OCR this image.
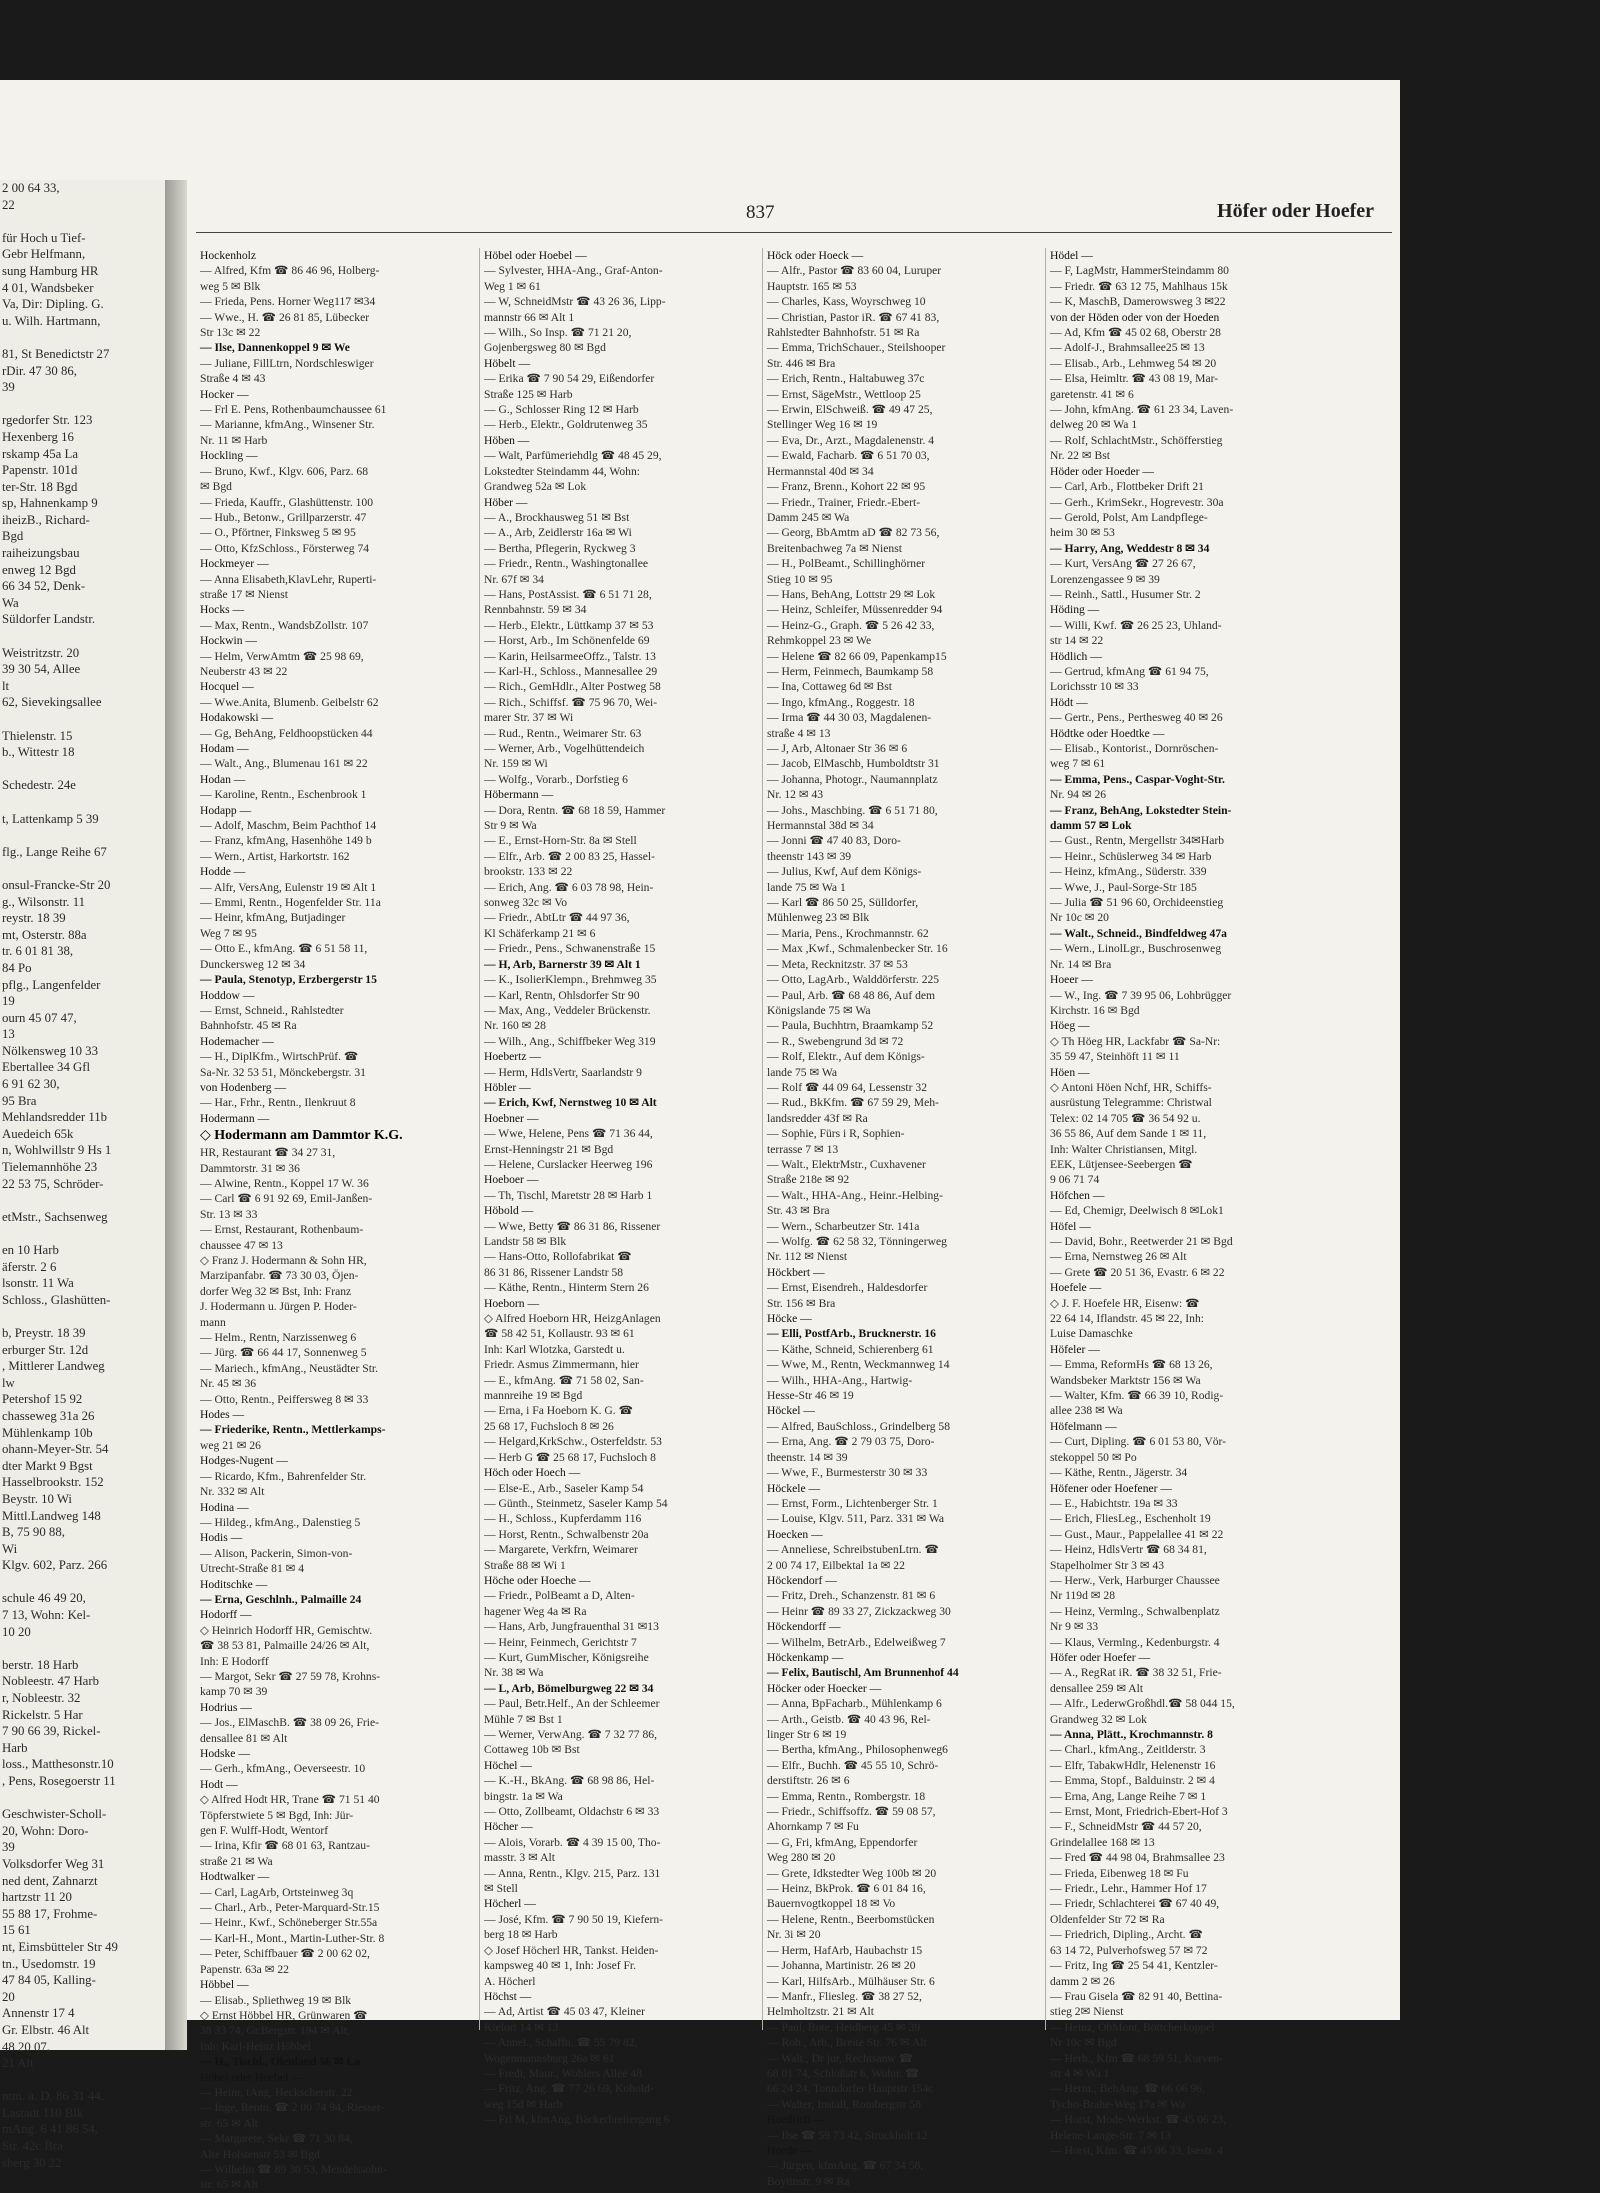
2 00 64 33,
22

für Hoch u Tief-
Gebr Helfmann,
sung Hamburg HR
4 01, Wandsbeker
Va, Dir: Dipling. G.
u. Wilh. Hartmann,

81, St Benedictstr 27
rDir. 47 30 86,
39

rgedorfer Str. 123
Hexenberg 16
rskamp 45a La
Papenstr. 101d
ter-Str. 18 Bgd
sp, Hahnenkamp 9
iheizB., Richard-
Bgd
raiheizungsbau
enweg 12 Bgd
66 34 52, Denk-
Wa
Süldorfer Landstr.

Weistritzstr. 20
39 30 54, Allee
lt
62, Sievekingsallee

Thielenstr. 15
b., Wittestr 18

Schedestr. 24e

t, Lattenkamp 5 39

flg., Lange Reihe 67

onsul-Francke-Str 20
g., Wilsonstr. 11
reystr. 18 39
mt, Osterstr. 88a
tr. 6 01 81 38,
84 Po
pflg., Langenfelder
19
ourn 45 07 47,
13
Nölkensweg 10 33
Ebertallee 34 Gfl
6 91 62 30,
95 Bra
Mehlandsredder 11b
Auedeich 65k
n, Wohlwillstr 9 Hs 1
Tielemannhöhe 23
22 53 75, Schröder-

etMstr., Sachsenweg

en 10 Harb
äferstr. 2 6
lsonstr. 11 Wa
Schloss., Glashütten-

b, Preystr. 18 39
erburger Str. 12d
, Mittlerer Landweg
lw
Petershof 15 92
chasseweg 31a 26
Mühlenkamp 10b
ohann-Meyer-Str. 54
dter Markt 9 Bgst
Hasselbrookstr. 152
Beystr. 10 Wi
Mittl.Landweg 148
B, 75 90 88,
Wi
Klgv. 602, Parz. 266

schule 46 49 20,
7 13, Wohn: Kel-
10 20

berstr. 18 Harb
Nobleestr. 47 Harb
r, Nobleestr. 32
Rickelstr. 5 Har
7 90 66 39, Rickel-
Harb
loss., Matthesonstr.10
, Pens, Rosegoerstr 11

Geschwister-Scholl-
20, Wohn: Doro-
39
Volksdorfer Weg 31
ned dent, Zahnarzt
hartzstr 11 20
55 88 17, Frohme-
15 61
nt, Eimsbütteler Str 49
tn., Usedomstr. 19
47 84 05, Kalling-
20
Annenstr 17 4
Gr. Elbstr. 46 Alt
48 20 07,
21 Alt

ntm. a. D. 86 31 44,
Lastadt 110 Blk
mAng. 6 41 86 54,
Str. 42c Bra
sberg 30 22
837	Höfer oder Hoefer
Hockenholz
— Alfred, Kfm ☎ 86 46 96, Holberg-
weg 5 ✉ Blk
— Frieda, Pens. Horner Weg117 ✉34
— Wwe., H. ☎ 26 81 85, Lübecker
Str 13c ✉ 22
— Ilse, Dannenkoppel 9 ✉ We
— Juliane, FillLtrn, Nordschleswiger
Straße 4 ✉ 43
Hocker —
— Frl E. Pens, Rothenbaumchaussee 61
— Marianne, kfmAng., Winsener Str.
Nr. 11 ✉ Harb
Hockling —
— Bruno, Kwf., Klgv. 606, Parz. 68
✉ Bgd
— Frieda, Kauffr., Glashüttenstr. 100
— Hub., Betonw., Grillparzerstr. 47
— O., Pförtner, Finksweg 5 ✉ 95
— Otto, KfzSchloss., Försterweg 74
Hockmeyer —
— Anna Elisabeth,KlavLehr, Ruperti-
straße 17 ✉ Nienst
Hocks —
— Max, Rentn., WandsbZollstr. 107
Hockwin —
— Helm, VerwAmtm ☎ 25 98 69,
Neuberstr 43 ✉ 22
Hocquel —
— Wwe.Anita, Blumenb. Geibelstr 62
Hodakowski —
— Gg, BehAng, Feldhoopstücken 44
Hodam —
— Walt., Ang., Blumenau 161 ✉ 22
Hodan —
— Karoline, Rentn., Eschenbrook 1
Hodapp —
— Adolf, Maschm, Beim Pachthof 14
— Franz, kfmAng, Hasenhöhe 149 b
— Wern., Artist, Harkortstr. 162
Hodde —
— Alfr, VersAng, Eulenstr 19 ✉ Alt 1
— Emmi, Rentn., Hogenfelder Str. 11a
— Heinr, kfmAng, Butjadinger
Weg 7 ✉ 95
— Otto E., kfmAng. ☎ 6 51 58 11,
Dunckersweg 12 ✉ 34
— Paula, Stenotyp, Erzbergerstr 15
Hoddow —
— Ernst, Schneid., Rahlstedter
Bahnhofstr. 45 ✉ Ra
Hodemacher —
— H., DiplKfm., WirtschPrüf. ☎
Sa-Nr. 32 53 51, Mönckebergstr. 31
von Hodenberg —
— Har., Frhr., Rentn., Ilenkruut 8
Hodermann —
◇ Hodermann am Dammtor K.G.
HR, Restaurant ☎ 34 27 31,
Dammtorstr. 31 ✉ 36
— Alwine, Rentn., Koppel 17 W. 36
— Carl ☎ 6 91 92 69, Emil-Janßen-
Str. 13 ✉ 33
— Ernst, Restaurant, Rothenbaum-
chaussee 47 ✉ 13
◇ Franz J. Hodermann & Sohn HR,
Marzipanfabr. ☎ 73 30 03, Öjen-
dorfer Weg 32 ✉ Bst, Inh: Franz
J. Hodermann u. Jürgen P. Hoder-
mann
— Helm., Rentn, Narzissenweg 6
— Jürg. ☎ 66 44 17, Sonnenweg 5
— Mariech., kfmAng., Neustädter Str.
Nr. 45 ✉ 36
— Otto, Rentn., Peiffersweg 8 ✉ 33
Hodes —
— Friederike, Rentn., Mettlerkamps-
weg 21 ✉ 26
Hodges-Nugent —
— Ricardo, Kfm., Bahrenfelder Str.
Nr. 332 ✉ Alt
Hodina —
— Hildeg., kfmAng., Dalenstieg 5
Hodis —
— Alison, Packerin, Simon-von-
Utrecht-Straße 81 ✉ 4
Hoditschke —
— Erna, Geschlnh., Palmaille 24
Hodorff —
◇ Heinrich Hodorff HR, Gemischtw.
☎ 38 53 81, Palmaille 24/26 ✉ Alt,
Inh: E Hodorff
— Margot, Sekr ☎ 27 59 78, Krohns-
kamp 70 ✉ 39
Hodrius —
— Jos., ElMaschB. ☎ 38 09 26, Frie-
densallee 81 ✉ Alt
Hodske —
— Gerh., kfmAng., Oeverseestr. 10
Hodt —
◇ Alfred Hodt HR, Trane ☎ 71 51 40
Töpferstwiete 5 ✉ Bgd, Inh: Jür-
gen F. Wulff-Hodt, Wentorf
— Irina, Kfir ☎ 68 01 63, Rantzau-
straße 21 ✉ Wa
Hodtwalker —
— Carl, LagArb, Ortsteinweg 3q
— Charl., Arb., Peter-Marquard-Str.15
— Heinr., Kwf., Schöneberger Str.55a
— Karl-H., Mont., Martin-Luther-Str. 8
— Peter, Schiffbauer ☎ 2 00 62 02,
Papenstr. 63a ✉ 22
Höbbel —
— Elisab., Spliethweg 19 ✉ Blk
◇ Ernst Höbbel HR, Grünwaren ☎
38 33 74, Gr.Bergstr. 194 ✉ Alt,
Inh: Karl-Heinz Höbbel
— H., Tischl., Olenland 56 ✉ La
Höbel oder Hoebel —
— Heinr, tAng, Heckscherstr. 22
— Inge, Rentn. ☎ 2 00 74 94, Riesser-
str. 65 ✉ Alt
— Margarete, Sekr ☎ 71 30 84,
Alte Holstenstr 53 ✉ Bgd
— Wilhelm ☎ 89 30 53, Mendelssohn-
str. 65 ✉ Alt
Höbel oder Hoebel —
— Sylvester, HHA-Ang., Graf-Anton-
Weg 1 ✉ 61
— W, SchneidMstr ☎ 43 26 36, Lipp-
mannstr 66 ✉ Alt 1
— Wilh., So Insp. ☎ 71 21 20,
Gojenbergsweg 80 ✉ Bgd
Höbelt —
— Erika ☎ 7 90 54 29, Eißendorfer
Straße 125 ✉ Harb
— G., Schlosser Ring 12 ✉ Harb
— Herb., Elektr., Goldrutenweg 35
Höben —
— Walt, Parfümeriehdlg ☎ 48 45 29,
Lokstedter Steindamm 44, Wohn:
Grandweg 52a ✉ Lok
Höber —
— A., Brockhausweg 51 ✉ Bst
— A., Arb, Zeidlerstr 16a ✉ Wi
— Bertha, Pflegerin, Ryckweg 3
— Friedr., Rentn., Washingtonallee
Nr. 67f ✉ 34
— Hans, PostAssist. ☎ 6 51 71 28,
Rennbahnstr. 59 ✉ 34
— Herb., Elektr., Lüttkamp 37 ✉ 53
— Horst, Arb., Im Schönenfelde 69
— Karin, HeilsarmeeOffz., Talstr. 13
— Karl-H., Schloss., Mannesallee 29
— Rich., GemHdlr., Alter Postweg 58
— Rich., Schiffsf. ☎ 75 96 70, Wei-
marer Str. 37 ✉ Wi
— Rud., Rentn., Weimarer Str. 63
— Werner, Arb., Vogelhüttendeich
Nr. 159 ✉ Wi
— Wolfg., Vorarb., Dorfstieg 6
Höbermann —
— Dora, Rentn. ☎ 68 18 59, Hammer
Str 9 ✉ Wa
— E., Ernst-Horn-Str. 8a ✉ Stell
— Elfr., Arb. ☎ 2 00 83 25, Hassel-
brookstr. 133 ✉ 22
— Erich, Ang. ☎ 6 03 78 98, Hein-
sonweg 32c ✉ Vo
— Friedr., AbtLtr ☎ 44 97 36,
Kl Schäferkamp 21 ✉ 6
— Friedr., Pens., Schwanenstraße 15
— H, Arb, Barnerstr 39 ✉ Alt 1
— K., IsolierKlempn., Brehmweg 35
— Karl, Rentn, Ohlsdorfer Str 90
— Max, Ang., Veddeler Brückenstr.
Nr. 160 ✉ 28
— Wilh., Ang., Schiffbeker Weg 319
Hoebertz —
— Herm, HdlsVertr, Saarlandstr 9
Höbler —
— Erich, Kwf, Nernstweg 10 ✉ Alt
Hoebner —
— Wwe, Helene, Pens ☎ 71 36 44,
Ernst-Henningstr 21 ✉ Bgd
— Helene, Curslacker Heerweg 196
Hoeboer —
— Th, Tischl, Maretstr 28 ✉ Harb 1
Höbold —
— Wwe, Betty ☎ 86 31 86, Rissener
Landstr 58 ✉ Blk
— Hans-Otto, Rollofabrikat ☎
86 31 86, Rissener Landstr 58
— Käthe, Rentn., Hinterm Stern 26
Hoeborn —
◇ Alfred Hoeborn HR, HeizgAnlagen
☎ 58 42 51, Kollaustr. 93 ✉ 61
Inh: Karl Wlotzka, Garstedt u.
Friedr. Asmus Zimmermann, hier
— E., kfmAng. ☎ 71 58 02, San-
mannreihe 19 ✉ Bgd
— Erna, i Fa Hoeborn K. G. ☎
25 68 17, Fuchsloch 8 ✉ 26
— Helgard,KrkSchw., Osterfeldstr. 53
— Herb G ☎ 25 68 17, Fuchsloch 8
Höch oder Hoech —
— Else-E., Arb., Saseler Kamp 54
— Günth., Steinmetz, Saseler Kamp 54
— H., Schloss., Kupferdamm 116
— Horst, Rentn., Schwalbenstr 20a
— Margarete, Verkfrn, Weimarer
Straße 88 ✉ Wi 1
Höche oder Hoeche —
— Friedr., PolBeamt a D, Alten-
hagener Weg 4a ✉ Ra
— Hans, Arb, Jungfrauenthal 31 ✉13
— Heinr, Feinmech, Gerichtstr 7
— Kurt, GumMischer, Königsreihe
Nr. 38 ✉ Wa
— L, Arb, Bömelburgweg 22 ✉ 34
— Paul, Betr.Helf., An der Schleemer
Mühle 7 ✉ Bst 1
— Werner, VerwAng. ☎ 7 32 77 86,
Cottaweg 10b ✉ Bst
Höchel —
— K.-H., BkAng. ☎ 68 98 86, Hel-
bingstr. 1a ✉ Wa
— Otto, Zollbeamt, Oldachstr 6 ✉ 33
Höcher —
— Alois, Vorarb. ☎ 4 39 15 00, Tho-
masstr. 3 ✉ Alt
— Anna, Rentn., Klgv. 215, Parz. 131
✉ Stell
Höcherl —
— José, Kfm. ☎ 7 90 50 19, Kiefern-
berg 18 ✉ Harb
◇ Josef Höcherl HR, Tankst. Heiden-
kampsweg 40 ✉ 1, Inh: Josef Fr.
A. Höcherl
Höchst —
— Ad, Artist ☎ 45 03 47, Kleiner
Kielort 14 ✉ 13
— Annel., Schaffn. ☎ 55 79 82,
Wogenmannsburg 26a ✉ 61
— Fredi, Maur., Wohlers Allee 48
— Fritz, Ang. ☎ 77 26 69, Kohold-
weg 15d ✉ Harb
— Frl M, kfmAng, Bäckerbreitergang 6
Höck oder Hoeck —
— Alfr., Pastor ☎ 83 60 04, Luruper
Hauptstr. 165 ✉ 53
— Charles, Kass, Woyrschweg 10
— Christian, Pastor iR. ☎ 67 41 83,
Rahlstedter Bahnhofstr. 51 ✉ Ra
— Emma, TrichSchauer., Steilshooper
Str. 446 ✉ Bra
— Erich, Rentn., Haltabuweg 37c
— Ernst, SägeMstr., Wettloop 25
— Erwin, ElSchweiß. ☎ 49 47 25,
Stellinger Weg 16 ✉ 19
— Eva, Dr., Arzt., Magdalenenstr. 4
— Ewald, Facharb. ☎ 6 51 70 03,
Hermannstal 40d ✉ 34
— Franz, Brenn., Kohort 22 ✉ 95
— Friedr., Trainer, Friedr.-Ebert-
Damm 245 ✉ Wa
— Georg, BbAmtm aD ☎ 82 73 56,
Breitenbachweg 7a ✉ Nienst
— H., PolBeamt., Schillinghörner
Stieg 10 ✉ 95
— Hans, BehAng, Lottstr 29 ✉ Lok
— Heinz, Schleifer, Müssenredder 94
— Heinz-G., Graph. ☎ 5 26 42 33,
Rehmkoppel 23 ✉ We
— Helene ☎ 82 66 09, Papenkamp15
— Herm, Feinmech, Baumkamp 58
— Ina, Cottaweg 6d ✉ Bst
— Ingo, kfmAng., Roggestr. 18
— Irma ☎ 44 30 03, Magdalenen-
straße 4 ✉ 13
— J, Arb, Altonaer Str 36 ✉ 6
— Jacob, ElMaschb, Humboldtstr 31
— Johanna, Photogr., Naumannplatz
Nr. 12 ✉ 43
— Johs., Maschbing. ☎ 6 51 71 80,
Hermannstal 38d ✉ 34
— Jonni ☎ 47 40 83, Doro-
theenstr 143 ✉ 39
— Julius, Kwf, Auf dem Königs-
lande 75 ✉ Wa 1
— Karl ☎ 86 50 25, Sülldorfer,
Mühlenweg 23 ✉ Blk
— Maria, Pens., Krochmannstr. 62
— Max ,Kwf., Schmalenbecker Str. 16
— Meta, Recknitzstr. 37 ✉ 53
— Otto, LagArb., Walddörferstr. 225
— Paul, Arb. ☎ 68 48 86, Auf dem
Königslande 75 ✉ Wa
— Paula, Buchhtrn, Braamkamp 52
— R., Swebengrund 3d ✉ 72
— Rolf, Elektr., Auf dem Königs-
lande 75 ✉ Wa
— Rolf ☎ 44 09 64, Lessenstr 32
— Rud., BkKfm. ☎ 67 59 29, Meh-
landsredder 43f ✉ Ra
— Sophie, Fürs i R, Sophien-
terrasse 7 ✉ 13
— Walt., ElektrMstr., Cuxhavener
Straße 218e ✉ 92
— Walt., HHA-Ang., Heinr.-Helbing-
Str. 43 ✉ Bra
— Wern., Scharbeutzer Str. 141a
— Wolfg. ☎ 62 58 32, Tönningerweg
Nr. 112 ✉ Nienst
Höckbert —
— Ernst, Eisendreh., Haldesdorfer
Str. 156 ✉ Bra
Höcke —
— Elli, PostfArb., Brucknerstr. 16
— Käthe, Schneid, Schierenberg 61
— Wwe, M., Rentn, Weckmannweg 14
— Wilh., HHA-Ang., Hartwig-
Hesse-Str 46 ✉ 19
Höckel —
— Alfred, BauSchloss., Grindelberg 58
— Erna, Ang. ☎ 2 79 03 75, Doro-
theenstr. 14 ✉ 39
— Wwe, F., Burmesterstr 30 ✉ 33
Höckele —
— Ernst, Form., Lichtenberger Str. 1
— Louise, Klgv. 511, Parz. 331 ✉ Wa
Hoecken —
— Anneliese, SchreibstubenLtrn. ☎
2 00 74 17, Eilbektal 1a ✉ 22
Höckendorf —
— Fritz, Dreh., Schanzenstr. 81 ✉ 6
— Heinr ☎ 89 33 27, Zickzackweg 30
Höckendorff —
— Wilhelm, BetrArb., Edelweißweg 7
Höckenkamp —
— Felix, Bautischl, Am Brunnenhof 44
Höcker oder Hoecker —
— Anna, BpFacharb., Mühlenkamp 6
— Arth., Geistb. ☎ 40 43 96, Rel-
linger Str 6 ✉ 19
— Bertha, kfmAng., Philosophenweg6
— Elfr., Buchh. ☎ 45 55 10, Schrö-
derstiftstr. 26 ✉ 6
— Emma, Rentn., Rombergstr. 18
— Friedr., Schiffsoffz. ☎ 59 08 57,
Ahornkamp 7 ✉ Fu
— G, Fri, kfmAng, Eppendorfer
Weg 280 ✉ 20
— Grete, Idkstedter Weg 100b ✉ 20
— Heinz, BkProk. ☎ 6 01 84 16,
Bauernvogtkoppel 18 ✉ Vo
— Helene, Rentn., Beerbomstücken
Nr. 3i ✉ 20
— Herm, HafArb, Haubachstr 15
— Johanna, Martinistr. 26 ✉ 20
— Karl, HilfsArb., Mülhäuser Str. 6
— Manfr., Fliesleg. ☎ 38 27 52,
Helmholtzstr. 21 ✉ Alt
— Paul, Bote, Heidberg 45 ✉ 39
— Rob., Arb., Breite Str. 76 ✉ Alt
— Walt., Dr jur, Rechtsanw ☎
68 01 74, Schloßstr 6, Wohn: ☎
66 24 24, Tonndorfer Hauptstr 154c
— Walter, Install, Rombergstr 58
Hoedrich —
— Ilse ☎ 59 73 42, Struckholt 12
Hoede —
— Jürgen, kfmAng. ☎ 67 34 58,
Boytinstr. 9 ✉ Ra
Hödel —
— F, LagMstr, HammerSteindamm 80
— Friedr. ☎ 63 12 75, Mahlhaus 15k
— K, MaschB, Damerowsweg 3 ✉22
von der Höden oder von der Hoeden
— Ad, Kfm ☎ 45 02 68, Oberstr 28
— Adolf-J., Brahmsallee25 ✉ 13
— Elisab., Arb., Lehmweg 54 ✉ 20
— Elsa, Heimltr. ☎ 43 08 19, Mar-
garetenstr. 41 ✉ 6
— John, kfmAng. ☎ 61 23 34, Laven-
delweg 20 ✉ Wa 1
— Rolf, SchlachtMstr., Schöfferstieg
Nr. 22 ✉ Bst
Höder oder Hoeder —
— Carl, Arb., Flottbeker Drift 21
— Gerh., KrimSekr., Hogrevestr. 30a
— Gerold, Polst, Am Landpflege-
heim 30 ✉ 53
— Harry, Ang, Weddestr 8 ✉ 34
— Kurt, VersAng ☎ 27 26 67,
Lorenzengassee 9 ✉ 39
— Reinh., Sattl., Husumer Str. 2
Höding —
— Willi, Kwf. ☎ 26 25 23, Uhland-
str 14 ✉ 22
Hödlich —
— Gertrud, kfmAng ☎ 61 94 75,
Lorichsstr 10 ✉ 33
Hödt —
— Gertr., Pens., Perthesweg 40 ✉ 26
Hödtke oder Hoedtke —
— Elisab., Kontorist., Dornröschen-
weg 7 ✉ 61
— Emma, Pens., Caspar-Voght-Str.
Nr. 94 ✉ 26
— Franz, BehAng, Lokstedter Stein-
damm 57 ✉ Lok
— Gust., Rentn, Mergellstr 34✉Harb
— Heinr., Schüslerweg 34 ✉ Harb
— Heinz, kfmAng., Süderstr. 339
— Wwe, J., Paul-Sorge-Str 185
— Julia ☎ 51 96 60, Orchideenstieg
Nr 10c ✉ 20
— Walt., Schneid., Bindfeldweg 47a
— Wern., LinolLgr., Buschrosenweg
Nr. 14 ✉ Bra
Hoeer —
— W., Ing. ☎ 7 39 95 06, Lohbrügger
Kirchstr. 16 ✉ Bgd
Höeg —
◇ Th Höeg HR, Lackfabr ☎ Sa-Nr:
35 59 47, Steinhöft 11 ✉ 11
Höen —
◇ Antoni Höen Nchf, HR, Schiffs-
ausrüstung Telegramme: Christwal
Telex: 02 14 705 ☎ 36 54 92 u.
36 55 86, Auf dem Sande 1 ✉ 11,
Inh: Walter Christiansen, Mitgl.
EEK, Lütjensee-Seebergen ☎
9 06 71 74
Höfchen —
— Ed, Chemigr, Deelwisch 8 ✉Lok1
Höfel —
— David, Bohr., Reetwerder 21 ✉ Bgd
— Erna, Nernstweg 26 ✉ Alt
— Grete ☎ 20 51 36, Evastr. 6 ✉ 22
Hoefele —
◇ J. F. Hoefele HR, Eisenw: ☎
22 64 14, Iflandstr. 45 ✉ 22, Inh:
Luise Damaschke
Höfeler —
— Emma, ReformHs ☎ 68 13 26,
Wandsbeker Marktstr 156 ✉ Wa
— Walter, Kfm. ☎ 66 39 10, Rodig-
allee 238 ✉ Wa
Höfelmann —
— Curt, Dipling. ☎ 6 01 53 80, Vör-
stekoppel 50 ✉ Po
— Käthe, Rentn., Jägerstr. 34
Höfener oder Hoefener —
— E., Habichtstr. 19a ✉ 33
— Erich, FliesLeg., Eschenholt 19
— Gust., Maur., Pappelallee 41 ✉ 22
— Heinz, HdlsVertr ☎ 68 34 81,
Stapelholmer Str 3 ✉ 43
— Herw., Verk, Harburger Chaussee
Nr 119d ✉ 28
— Heinz, Vermlng., Schwalbenplatz
Nr 9 ✉ 33
— Klaus, Vermlng., Kedenburgstr. 4
Höfer oder Hoefer —
— A., RegRat iR. ☎ 38 32 51, Frie-
densallee 259 ✉ Alt
— Alfr., LederwGroßhdl.☎ 58 044 15,
Grandweg 32 ✉ Lok
— Anna, Plätt., Krochmannstr. 8
— Charl., kfmAng., Zeitlderstr. 3
— Elfr, TabakwHdlr, Helenenstr 16
— Emma, Stopf., Balduinstr. 2 ✉ 4
— Erna, Ang, Lange Reihe 7 ✉ 1
— Ernst, Mont, Friedrich-Ebert-Hof 3
— F., SchneidMstr ☎ 44 57 20,
Grindelallee 168 ✉ 13
— Fred ☎ 44 98 04, Brahmsallee 23
— Frieda, Eibenweg 18 ✉ Fu
— Friedr., Lehr., Hammer Hof 17
— Friedr, Schlachterei ☎ 67 40 49,
Oldenfelder Str 72 ✉ Ra
— Friedrich, Dipling., Archt. ☎
63 14 72, Pulverhofsweg 57 ✉ 72
— Fritz, Ing ☎ 25 54 41, Kentzler-
damm 2 ✉ 26
— Frau Gisela ☎ 82 91 40, Bettina-
stieg 2✉ Nienst
— Heinz, ObMont, Böttcherkoppel
Nr 10c ✉ Bgd
— Herb., Kfm ☎ 68 59 51, Kurven-
str 4 ✉ Wa 1
— Herm., BehAng. ☎ 66 06 96,
Tycho-Brahe-Weg 17a ✉ Wa
— Horst, Mode-Werkst. ☎ 45 06 23,
Helene-Lange-Str. 7 ✉ 13
— Horst, Kfm. ☎ 45 06 33, Isestr. 4
